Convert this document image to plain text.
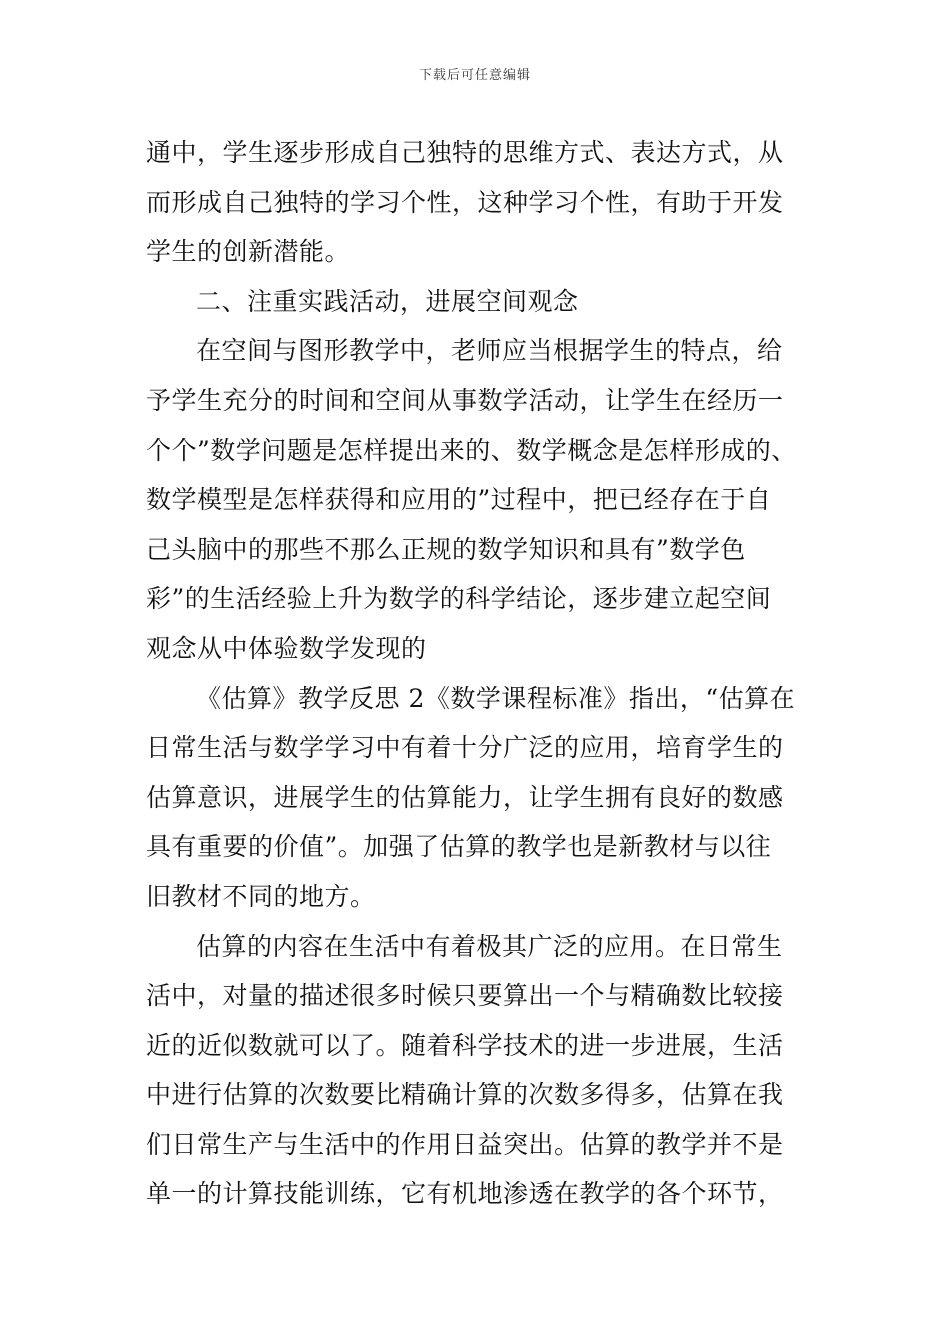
下载后可任意编辑
通中，学生逐步形成自己独特的思维方式、表达方式，从
而形成自己独特的学习个性，这种学习个性，有助于开发
学生的创新潜能。
二、注重实践活动，进展空间观念
在空间与图形教学中，老师应当根据学生的特点，给
予学生充分的时间和空间从事数学活动，让学生在经历一
个个”数学问题是怎样提出来的、数学概念是怎样形成的、
数学模型是怎样获得和应用的”过程中，把已经存在于自
己头脑中的那些不那么正规的数学知识和具有”数学色
彩”的生活经验上升为数学的科学结论，逐步建立起空间
观念从中体验数学发现的
《估算》教学反思 2《数学课程标准》指出，“估算在
日常生活与数学学习中有着十分广泛的应用，培育学生的
估算意识，进展学生的估算能力，让学生拥有良好的数感
具有重要的价值”。加强了估算的教学也是新教材与以往
旧教材不同的地方。
估算的内容在生活中有着极其广泛的应用。在日常生
活中，对量的描述很多时候只要算出一个与精确数比较接
近的近似数就可以了。随着科学技术的进一步进展，生活
中进行估算的次数要比精确计算的次数多得多，估算在我
们日常生产与生活中的作用日益突出。估算的教学并不是
单一的计算技能训练，它有机地渗透在教学的各个环节，
